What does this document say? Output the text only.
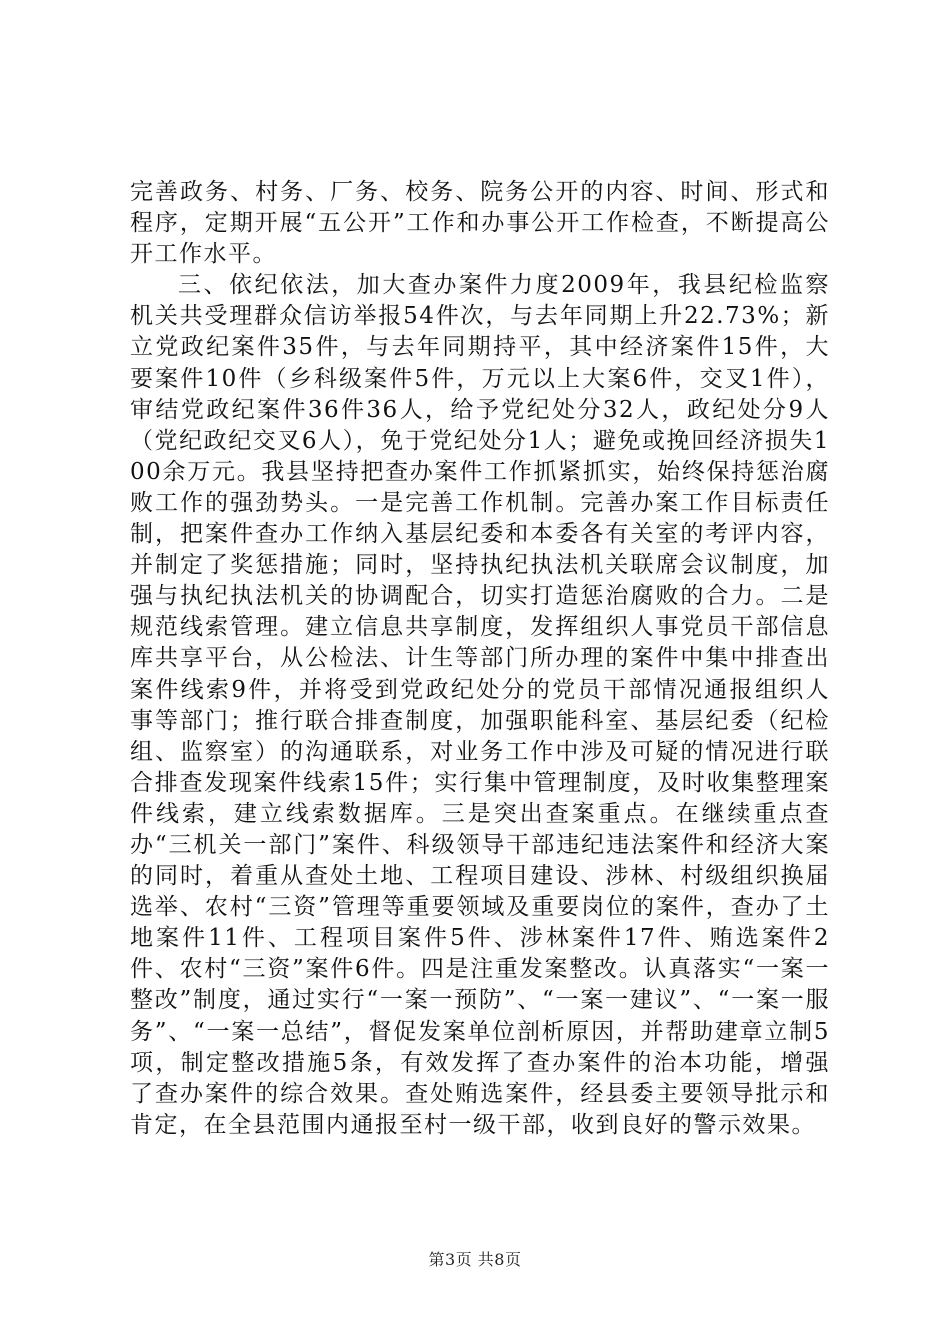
完善政务、村务、厂务、校务、院务公开的内容、时间、形式和程序，定期开展“五公开”工作和办事公开工作检查，不断提高公开工作水平。

三、依纪依法，加大查办案件力度2009年，我县纪检监察机关共受理群众信访举报54件次，与去年同期上升22.73%；新立党政纪案件35件，与去年同期持平，其中经济案件15件，大要案件10件（乡科级案件5件，万元以上大案6件，交叉1件），审结党政纪案件36件36人，给予党纪处分32人，政纪处分9人（党纪政纪交叉6人），免于党纪处分1人；避免或挽回经济损失100余万元。我县坚持把查办案件工作抓紧抓实，始终保持惩治腐败工作的强劲势头。一是完善工作机制。完善办案工作目标责任制，把案件查办工作纳入基层纪委和本委各有关室的考评内容，并制定了奖惩措施；同时，坚持执纪执法机关联席会议制度，加强与执纪执法机关的协调配合，切实打造惩治腐败的合力。二是规范线索管理。建立信息共享制度，发挥组织人事党员干部信息库共享平台，从公检法、计生等部门所办理的案件中集中排查出案件线索9件，并将受到党政纪处分的党员干部情况通报组织人事等部门；推行联合排查制度，加强职能科室、基层纪委（纪检组、监察室）的沟通联系，对业务工作中涉及可疑的情况进行联合排查发现案件线索15件；实行集中管理制度，及时收集整理案件线索，建立线索数据库。三是突出查案重点。在继续重点查办“三机关一部门”案件、科级领导干部违纪违法案件和经济大案的同时，着重从查处土地、工程项目建设、涉林、村级组织换届选举、农村“三资”管理等重要领域及重要岗位的案件，查办了土地案件11件、工程项目案件5件、涉林案件17件、贿选案件2件、农村“三资”案件6件。四是注重发案整改。认真落实“一案一整改”制度，通过实行“一案一预防”、“一案一建议”、“一案一服务”、“一案一总结”，督促发案单位剖析原因，并帮助建章立制5项，制定整改措施5条，有效发挥了查办案件的治本功能，增强了查办案件的综合效果。查处贿选案件，经县委主要领导批示和肯定，在全县范围内通报至村一级干部，收到良好的警示效果。

第3页 共8页
